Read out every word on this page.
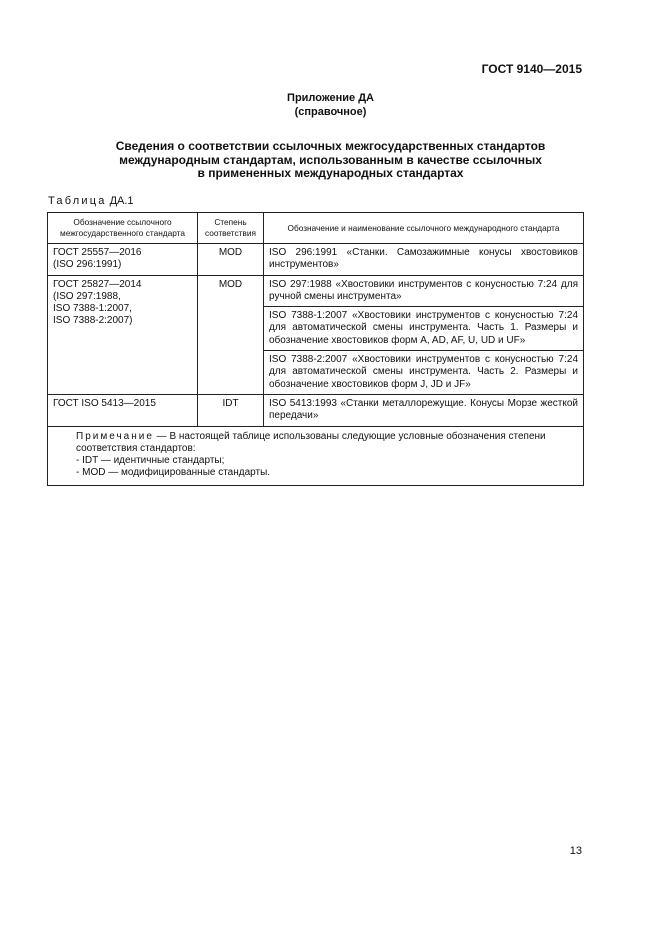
ГОСТ 9140—2015
Приложение ДА
(справочное)
Сведения о соответствии ссылочных межгосударственных стандартов
международным стандартам, использованным в качестве ссылочных
в примененных международных стандартах
Таблица ДА.1
Обозначение ссылочного межгосударственного стандарта	Степень соответствия	Обозначение и наименование ссылочного международного стандарта
ГОСТ 25557—2016
(ISO 296:1991)	MOD	ISO 296:1991 «Станки. Самозажимные конусы хвостовиков инструментов»
ГОСТ 25827—2014
(ISO 297:1988,
ISO 7388-1:2007,
ISO 7388-2:2007)	MOD	ISO 297:1988 «Хвостовики инструментов с конусностью 7:24 для ручной смены инструмента»
		ISO 7388-1:2007 «Хвостовики инструментов с конусностью 7:24 для автоматической смены инструмента. Часть 1. Размеры и обозначение хвостовиков форм A, AD, AF, U, UD и UF»
		ISO 7388-2:2007 «Хвостовики инструментов с конусностью 7:24 для автоматической смены инструмента. Часть 2. Размеры и обозначение хвостовиков форм J, JD и JF»
ГОСТ ISO 5413—2015	IDT	ISO 5413:1993 «Станки металлорежущие. Конусы Морзе жесткой передачи»

Примечание — В настоящей таблице использованы следующие условные обозначения степени соответствия стандартов:
- IDT — идентичные стандарты;
- MOD — модифицированные стандарты.		
13
